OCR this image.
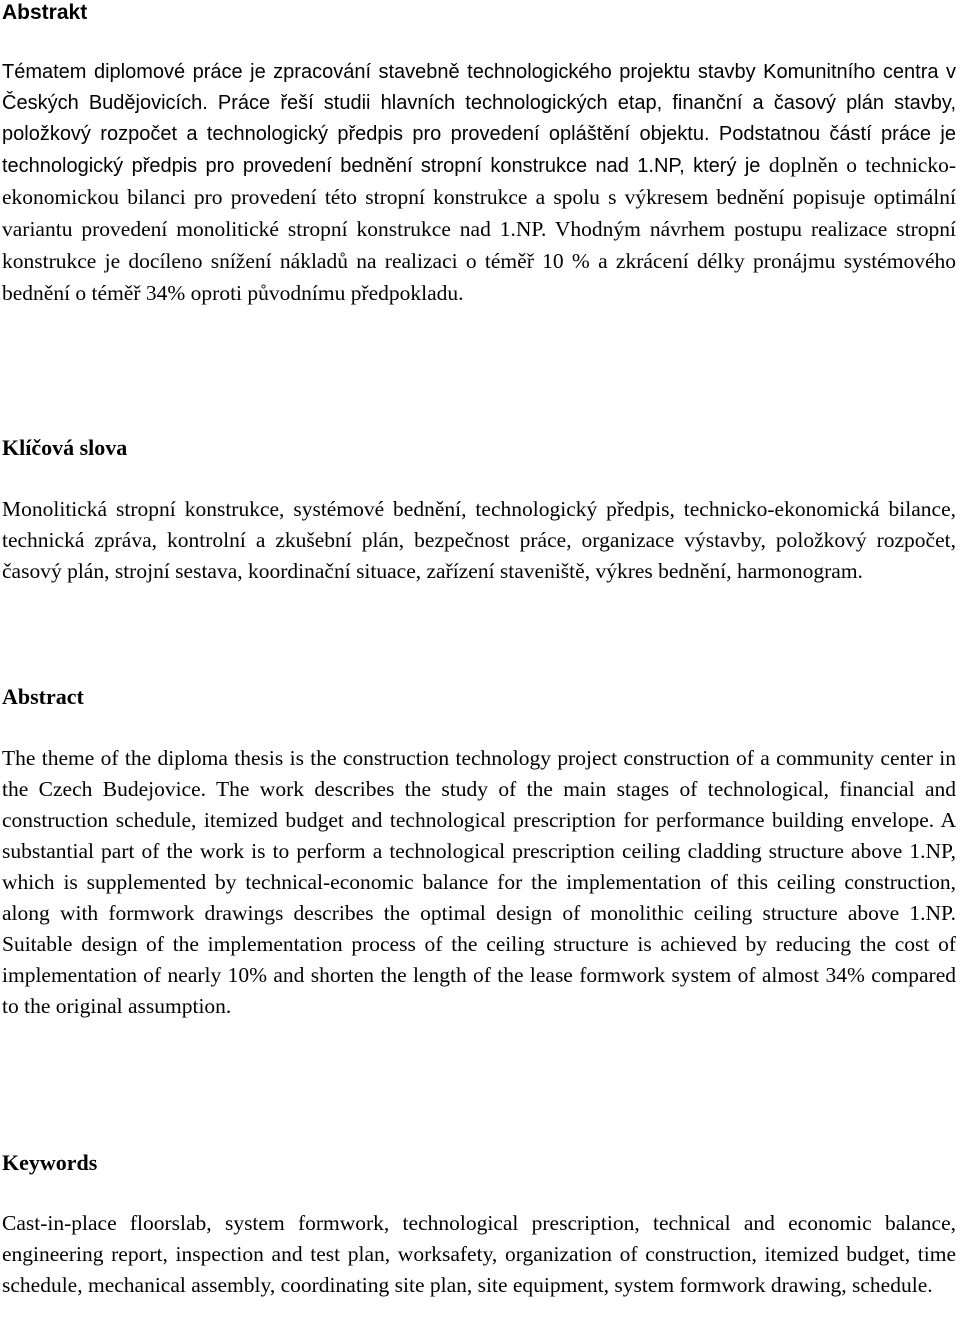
Abstrakt

Tématem diplomové práce je zpracování stavebně technologického projektu stavby Komunitního centra v Českých Budějovicích. Práce řeší studii hlavních technologických etap, finanční a časový plán stavby, položkový rozpočet a technologický předpis pro provedení opláštění objektu. Podstatnou částí práce je technologický předpis pro provedení bednění stropní konstrukce nad 1.NP, který je doplněn o technicko-ekonomickou bilanci pro provedení této stropní konstrukce a spolu s výkresem bednění popisuje optimální variantu provedení monolitické stropní konstrukce nad 1.NP. Vhodným návrhem postupu realizace stropní konstrukce je docíleno snížení nákladů na realizaci o téměř 10 % a zkrácení délky pronájmu systémového bednění o téměř 34% oproti původnímu předpokladu.

Klíčová slova

Monolitická stropní konstrukce, systémové bednění, technologický předpis, technicko-ekonomická bilance, technická zpráva, kontrolní a zkušební plán, bezpečnost práce, organizace výstavby, položkový rozpočet, časový plán, strojní sestava, koordinační situace, zařízení staveniště, výkres bednění, harmonogram.

Abstract

The theme of the diploma thesis is the construction technology project construction of a community center in the Czech Budejovice. The work describes the study of the main stages of technological, financial and construction schedule, itemized budget and technological prescription for performance building envelope. A substantial part of the work is to perform a technological prescription ceiling cladding structure above 1.NP, which is supplemented by technical-economic balance for the implementation of this ceiling construction, along with formwork drawings describes the optimal design of monolithic ceiling structure above 1.NP. Suitable design of the implementation process of the ceiling structure is achieved by reducing the cost of implementation of nearly 10% and shorten the length of the lease formwork system of almost 34% compared to the original assumption.

Keywords

Cast-in-place floorslab, system formwork, technological prescription, technical and economic balance, engineering report, inspection and test plan, worksafety, organization of construction, itemized budget, time schedule, mechanical assembly, coordinating site plan, site equipment, system formwork drawing, schedule.
